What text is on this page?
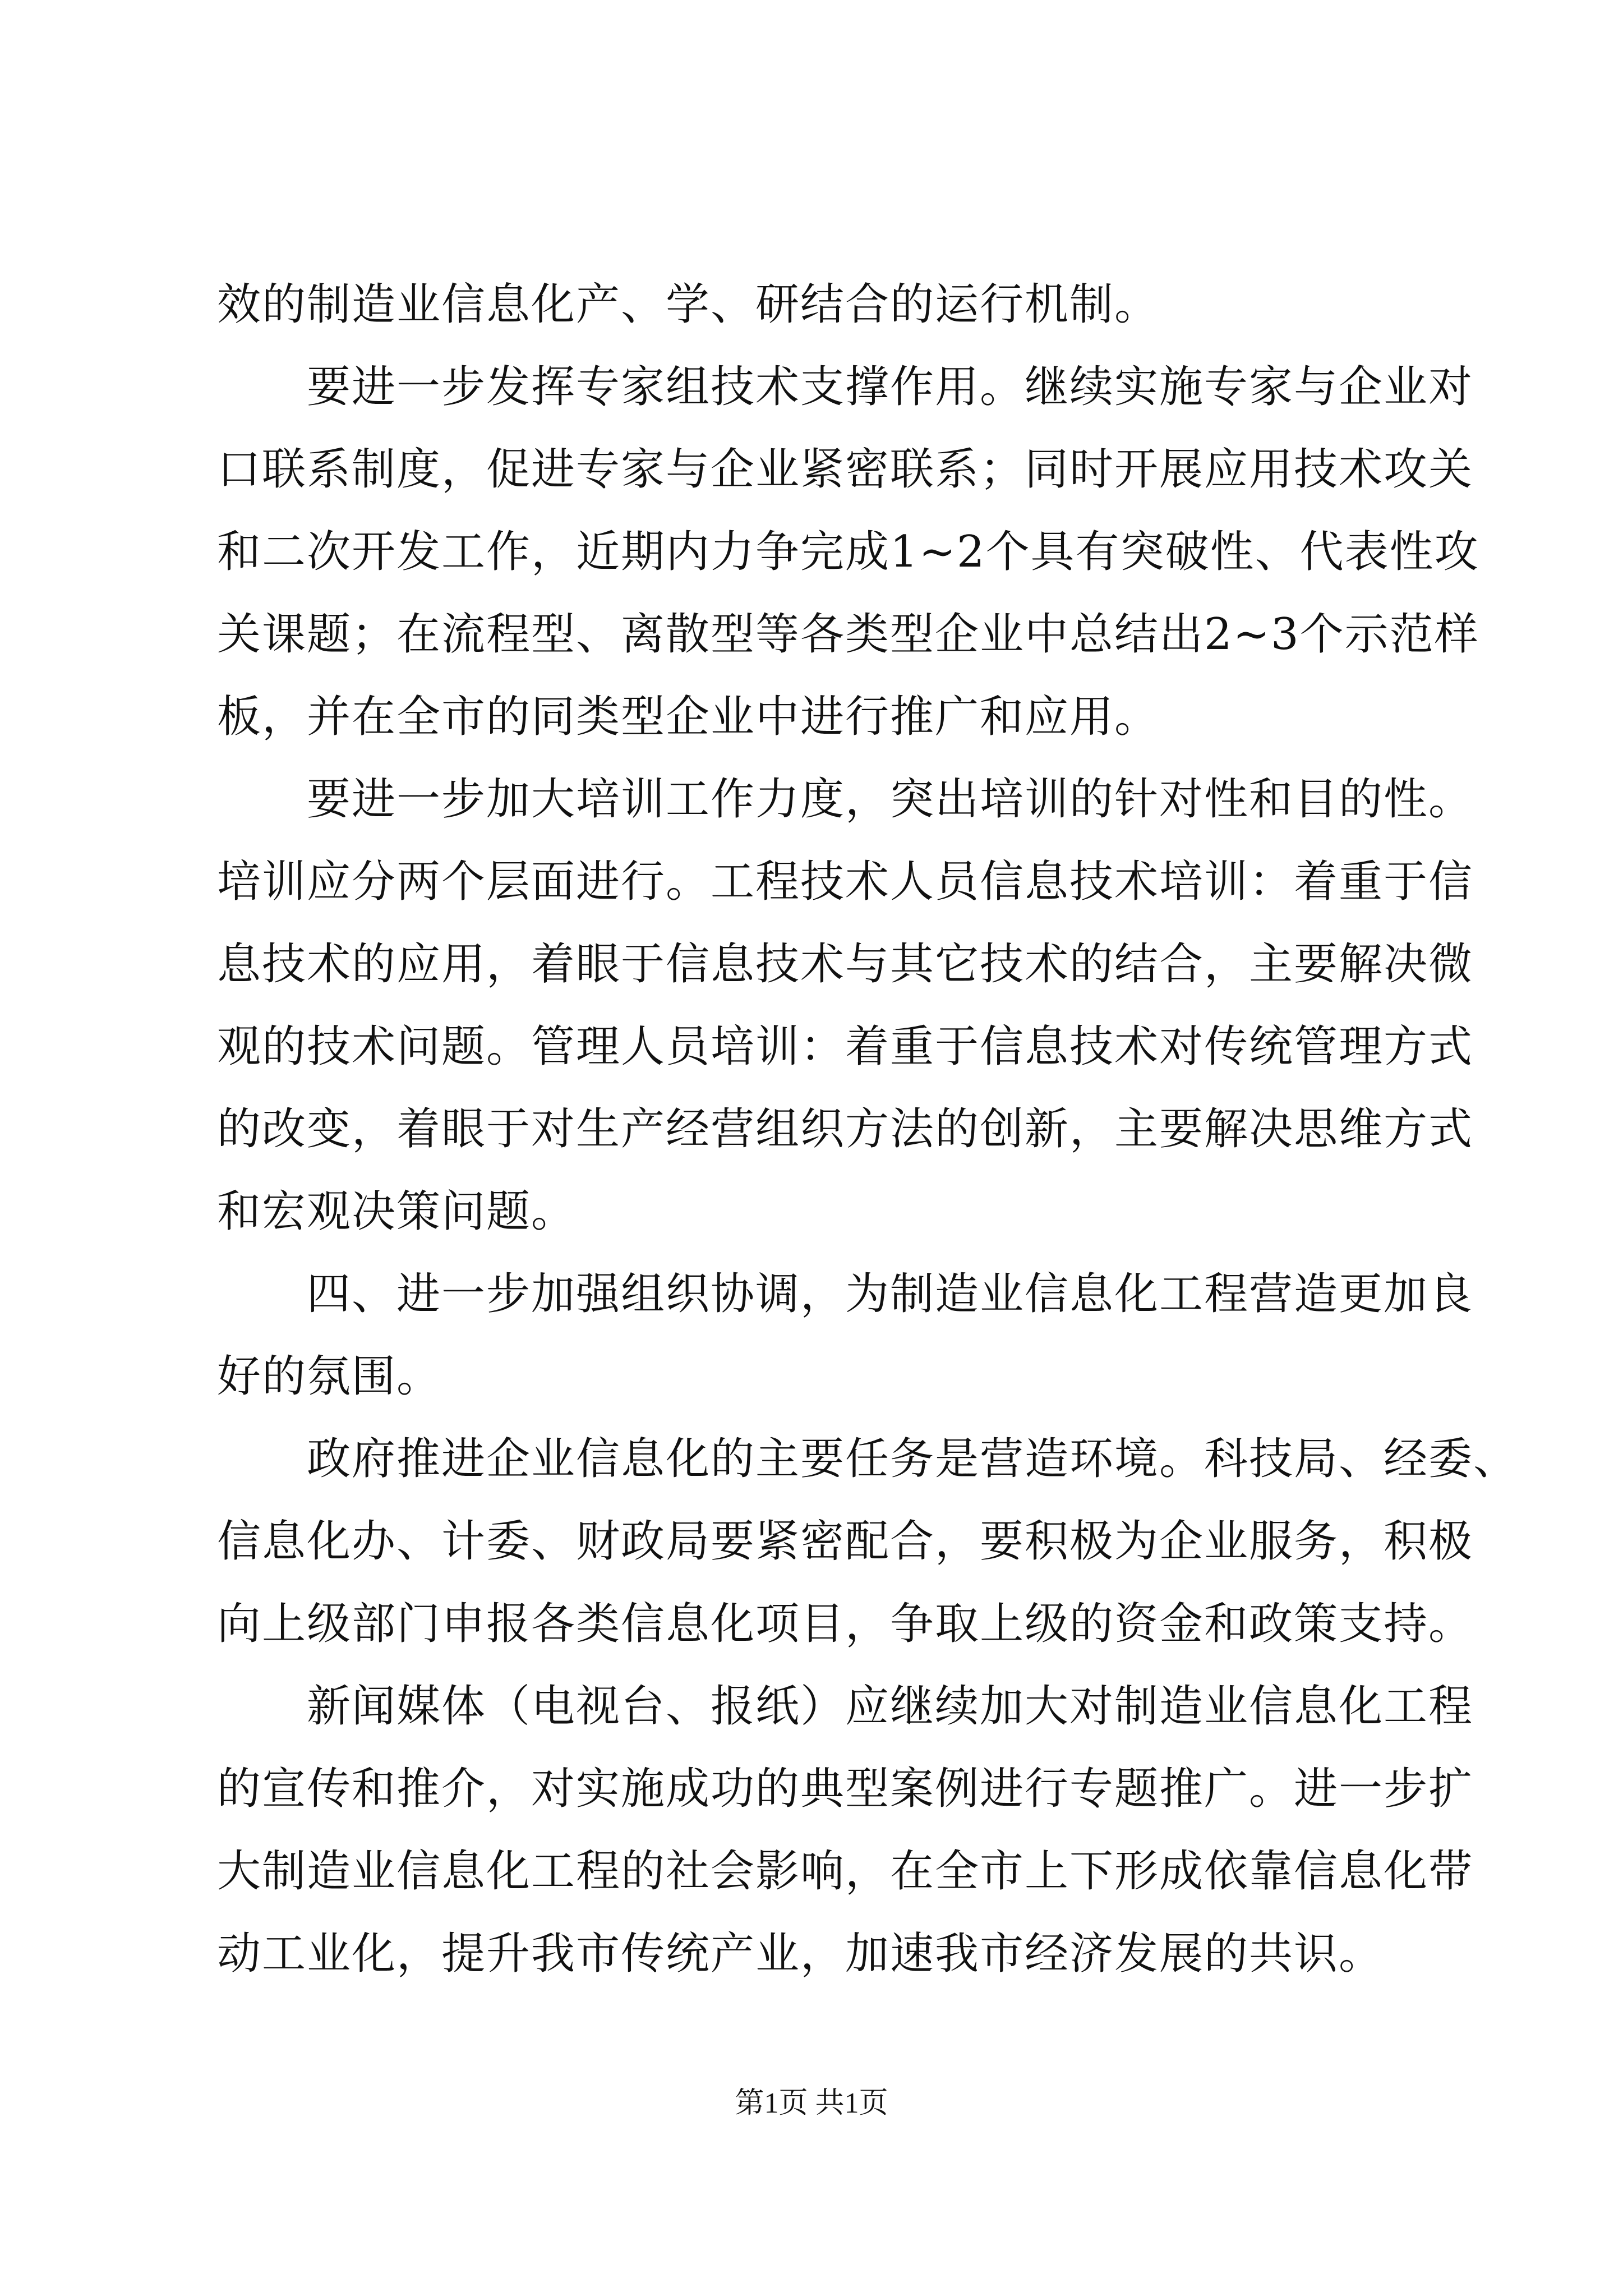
效的制造业信息化产、学、研结合的运行机制。
　　要进一步发挥专家组技术支撑作用。继续实施专家与企业对
口联系制度，促进专家与企业紧密联系；同时开展应用技术攻关
和二次开发工作，近期内力争完成1~2个具有突破性、代表性攻
关课题；在流程型、离散型等各类型企业中总结出2~3个示范样
板，并在全市的同类型企业中进行推广和应用。
　　要进一步加大培训工作力度，突出培训的针对性和目的性。
培训应分两个层面进行。工程技术人员信息技术培训：着重于信
息技术的应用，着眼于信息技术与其它技术的结合，主要解决微
观的技术问题。管理人员培训：着重于信息技术对传统管理方式
的改变，着眼于对生产经营组织方法的创新，主要解决思维方式
和宏观决策问题。
　　四、进一步加强组织协调，为制造业信息化工程营造更加良
好的氛围。
　　政府推进企业信息化的主要任务是营造环境。科技局、经委、
信息化办、计委、财政局要紧密配合，要积极为企业服务，积极
向上级部门申报各类信息化项目，争取上级的资金和政策支持。
　　新闻媒体（电视台、报纸）应继续加大对制造业信息化工程
的宣传和推介，对实施成功的典型案例进行专题推广。进一步扩
大制造业信息化工程的社会影响，在全市上下形成依靠信息化带
动工业化，提升我市传统产业，加速我市经济发展的共识。
第1页 共1页
